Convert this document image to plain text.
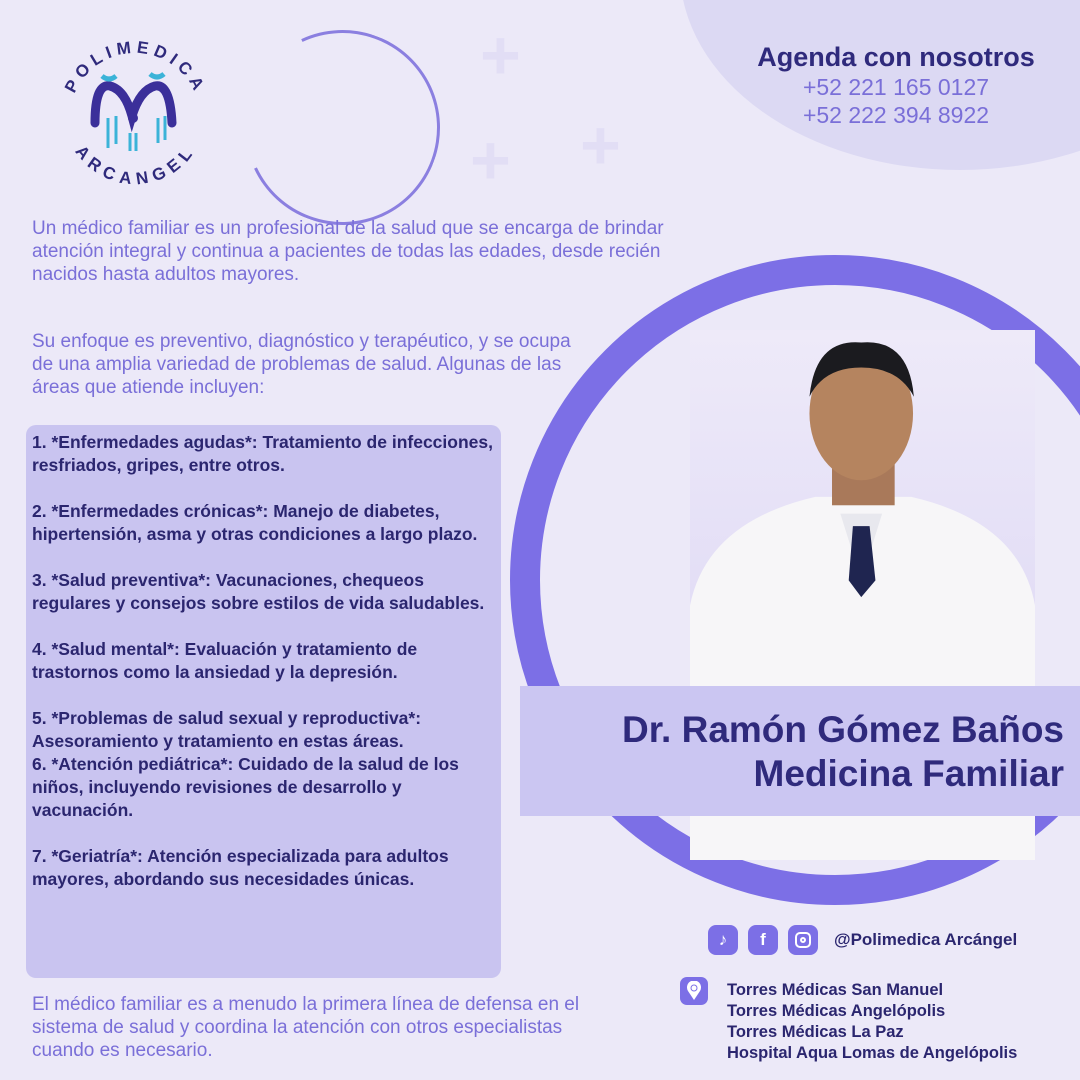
+
+
+
POLIMEDICA
ARCANGEL
Agenda con nosotros
+52 221 165 0127
+52 222 394 8922

Un médico familiar es un profesional de la salud que se encarga de brindar atención integral y continua a pacientes de todas las edades, desde recién nacidos hasta adultos mayores.

Su enfoque es preventivo, diagnóstico y terapéutico, y se ocupa de una amplia variedad de problemas de salud. Algunas de las áreas que atiende incluyen:

1. *Enfermedades agudas*: Tratamiento de infecciones, resfriados, gripes, entre otros.

2. *Enfermedades crónicas*: Manejo de diabetes, hipertensión, asma y otras condiciones a largo plazo.

3. *Salud preventiva*: Vacunaciones, chequeos regulares y consejos sobre estilos de vida saludables.

4. *Salud mental*: Evaluación y tratamiento de trastornos como la ansiedad y la depresión.

5. *Problemas de salud sexual y reproductiva*: Asesoramiento y tratamiento en estas áreas.

6. *Atención pediátrica*: Cuidado de la salud de los niños, incluyendo revisiones de desarrollo y vacunación.

7. *Geriatría*: Atención especializada para adultos mayores, abordando sus necesidades únicas.

El médico familiar es a menudo la primera línea de defensa en el sistema de salud y coordina la atención con otros especialistas cuando es necesario.

Dr. Ramón Gómez Baños
Medicina Familiar
♪	f	@Polimedica Arcángel
Torres Médicas San Manuel
Torres Médicas Angelópolis
Torres Médicas La Paz
Hospital Aqua Lomas de Angelópolis
